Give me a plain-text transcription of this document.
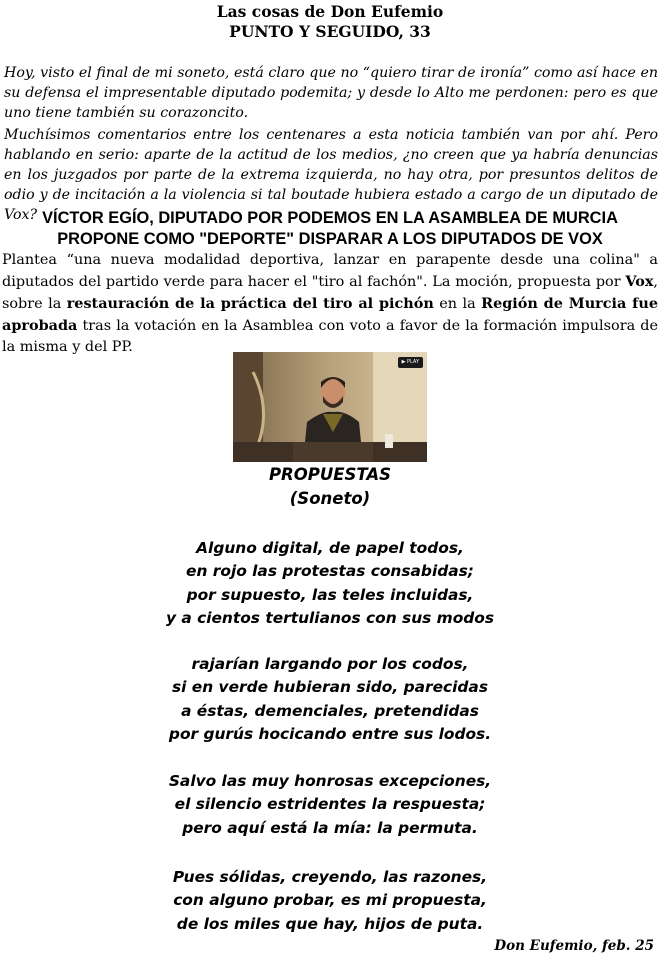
Las cosas de Don Eufemio
PUNTO Y SEGUIDO, 33

Hoy, visto el final de mi soneto, está claro que no “quiero tirar de ironía” como así hace en su defensa el impresentable diputado podemita; y desde lo Alto me perdonen: pero es que uno tiene también su corazoncito.

Muchísimos comentarios entre los centenares a esta noticia también van por ahí. Pero hablando en serio: aparte de la actitud de los medios, ¿no creen que ya habría denuncias en los juzgados por parte de la extrema izquierda, no hay otra, por presuntos delitos de odio y de incitación a la violencia si tal boutade hubiera estado a cargo de un diputado de Vox? VÍCTOR EGÍO, DIPUTADO POR PODEMOS EN LA ASAMBLEA DE MURCIA PROPONE COMO "DEPORTE" DISPARAR A LOS DIPUTADOS DE VOX

Plantea “una nueva modalidad deportiva, lanzar en parapente desde una colina" a diputados del partido verde para hacer el "tiro al fachón". La moción, propuesta por Vox, sobre la restauración de la práctica del tiro al pichón en la Región de Murcia fue aprobada tras la votación en la Asamblea con voto a favor de la formación impulsora de la misma y del PP.

▶ PLAY
PROPUESTAS
(Soneto)
Alguno digital, de papel todos,
en rojo las protestas consabidas;
por supuesto, las teles incluidas,
y a cientos tertulianos con sus modos
rajarían largando por los codos,
si en verde hubieran sido, parecidas
a éstas, demenciales, pretendidas
por gurús hocicando entre sus lodos.
Salvo las muy honrosas excepciones,
el silencio estridentes la respuesta;
pero aquí está la mía: la permuta.
Pues sólidas, creyendo, las razones,
con alguno probar, es mi propuesta,
de los miles que hay, hijos de puta.
Don Eufemio, feb. 25
